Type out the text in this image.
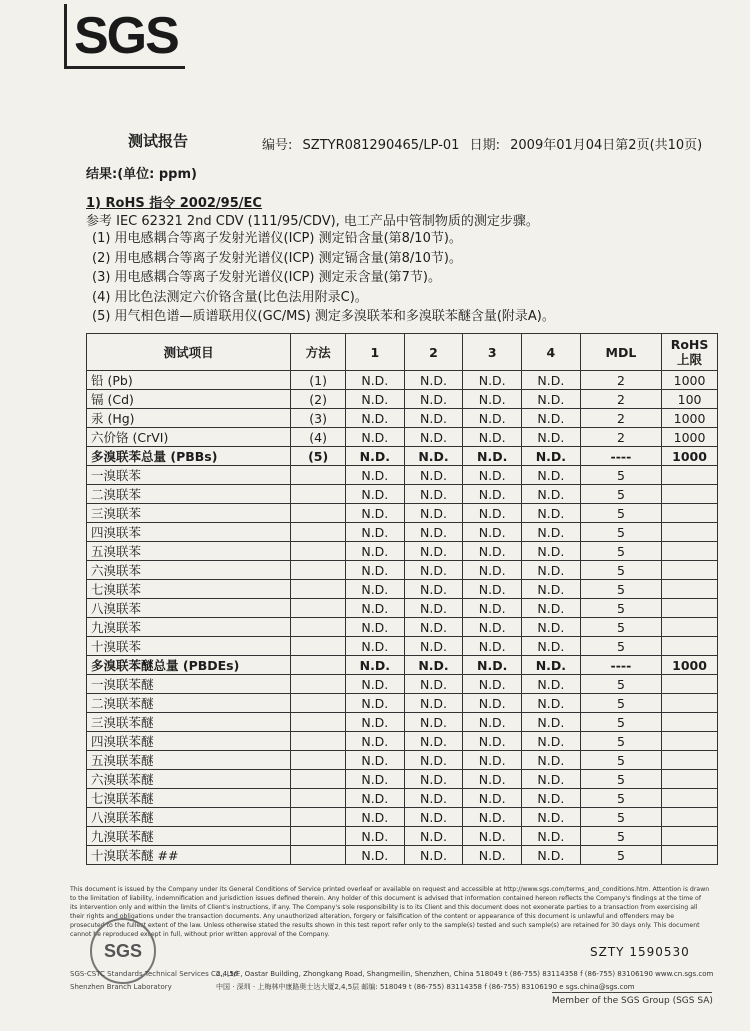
SGS
测试报告	编号: SZTYR081290465/LP-01 日期: 2009年01月04日第2页(共10页)
结果:(单位: ppm)
1) RoHS 指令 2002/95/EC
参考 IEC 62321 2nd CDV (111/95/CDV), 电工产品中管制物质的测定步骤。
(1) 用电感耦合等离子发射光谱仪(ICP) 测定铅含量(第8/10节)。
(2) 用电感耦合等离子发射光谱仪(ICP) 测定镉含量(第8/10节)。
(3) 用电感耦合等离子发射光谱仪(ICP) 测定汞含量(第7节)。
(4) 用比色法测定六价铬含量(比色法用附录C)。
(5) 用气相色谱—质谱联用仪(GC/MS) 测定多溴联苯和多溴联苯醚含量(附录A)。
测试项目	方法	1	2	3	4	MDL	RoHS 上限
铅 (Pb)	(1)	N.D.	N.D.	N.D.	N.D.	2	1000
镉 (Cd)	(2)	N.D.	N.D.	N.D.	N.D.	2	100
汞 (Hg)	(3)	N.D.	N.D.	N.D.	N.D.	2	1000
六价铬 (CrVI)	(4)	N.D.	N.D.	N.D.	N.D.	2	1000
多溴联苯总量 (PBBs)	(5)	N.D.	N.D.	N.D.	N.D.	----	1000
一溴联苯		N.D.	N.D.	N.D.	N.D.	5	
二溴联苯		N.D.	N.D.	N.D.	N.D.	5	
三溴联苯		N.D.	N.D.	N.D.	N.D.	5	
四溴联苯		N.D.	N.D.	N.D.	N.D.	5	
五溴联苯		N.D.	N.D.	N.D.	N.D.	5	
六溴联苯		N.D.	N.D.	N.D.	N.D.	5	
七溴联苯		N.D.	N.D.	N.D.	N.D.	5	
八溴联苯		N.D.	N.D.	N.D.	N.D.	5	
九溴联苯		N.D.	N.D.	N.D.	N.D.	5	
十溴联苯		N.D.	N.D.	N.D.	N.D.	5	
多溴联苯醚总量 (PBDEs)		N.D.	N.D.	N.D.	N.D.	----	1000
一溴联苯醚		N.D.	N.D.	N.D.	N.D.	5	
二溴联苯醚		N.D.	N.D.	N.D.	N.D.	5	
三溴联苯醚		N.D.	N.D.	N.D.	N.D.	5	
四溴联苯醚		N.D.	N.D.	N.D.	N.D.	5	
五溴联苯醚		N.D.	N.D.	N.D.	N.D.	5	
六溴联苯醚		N.D.	N.D.	N.D.	N.D.	5	
七溴联苯醚		N.D.	N.D.	N.D.	N.D.	5	
八溴联苯醚		N.D.	N.D.	N.D.	N.D.	5	
九溴联苯醚		N.D.	N.D.	N.D.	N.D.	5	
十溴联苯醚 ##		N.D.	N.D.	N.D.	N.D.	5	
This document is issued by the Company under its General Conditions of Service printed overleaf or available on request and accessible at http://www.sgs.com/terms_and_conditions.htm. Attention is drawn to the limitation of liability, indemnification and jurisdiction issues defined therein. Any holder of this document is advised that information contained hereon reflects the Company's findings at the time of its intervention only and within the limits of Client's instructions, if any. The Company's sole responsibility is to its Client and this document does not exonerate parties to a transaction from exercising all their rights and obligations under the transaction documents. Any unauthorized alteration, forgery or falsification of the content or appearance of this document is unlawful and offenders may be prosecuted to the fullest extent of the law. Unless otherwise stated the results shown in this test report refer only to the sample(s) tested and such sample(s) are retained for 30 days only. This document cannot be reproduced except in full, without prior written approval of the Company.
SGS	SZTY 1590530
SGS-CSTC Standards Technical Services Co., Ltd.
Shenzhen Branch Laboratory
2,4,5/F, Oastar Building, Zhongkang Road, Shangmeilin, Shenzhen, China 518049 t (86-755) 83114358 f (86-755) 83106190 www.cn.sgs.com
中国 · 深圳 · 上梅林中康路奥士达大厦2,4,5层 邮编: 518049 t (86-755) 83114358 f (86-755) 83106190 e sgs.china@sgs.com
Member of the SGS Group (SGS SA)
